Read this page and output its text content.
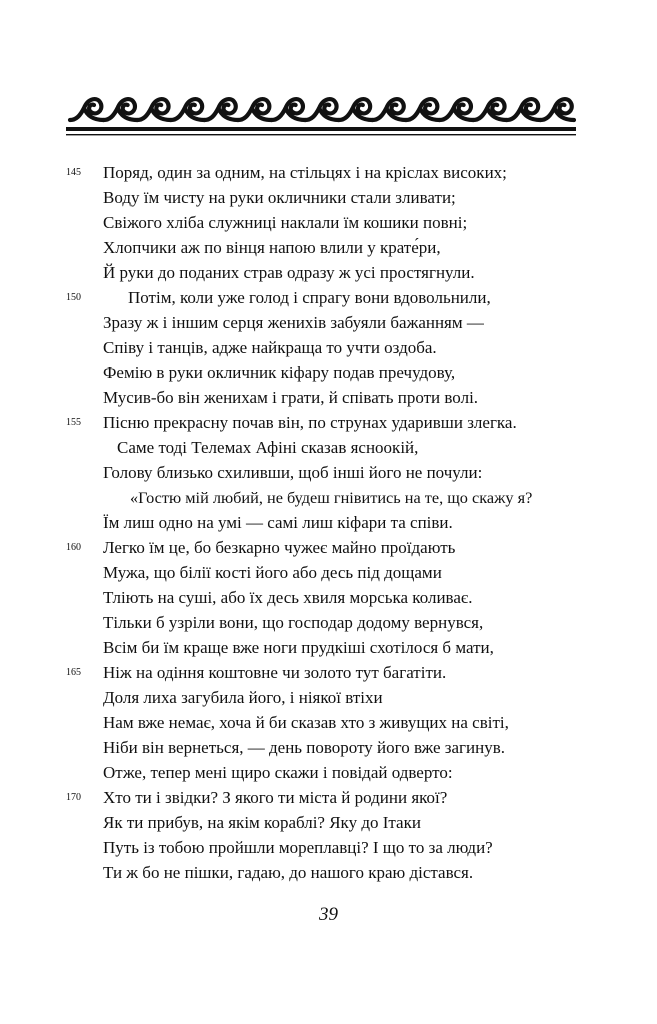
145
150
155
160
165
170
Поряд, один за одним, на стільцях і на кріслах високих;
Воду їм чисту на руки окличники стали зливати;
Свіжого хліба служниці наклали їм кошики повні;
Хлопчики аж по вінця напою влили у крате́ри,
Й руки до поданих страв одразу ж усі простягнули.
Потім, коли уже голод і спрагу вони вдовольнили,
Зразу ж і іншим серця женихів забуяли бажанням —
Співу і танців, адже найкраща то учти оздоба.
Фемію в руки окличник кіфару подав пречудову,
Мусив-бо він женихам і грати, й співать проти волі.
Пісню прекрасну почав він, по струнах ударивши злегка.
Саме тоді Телемах Афіні сказав ясноокій,
Голову близько схиливши, щоб інші його не почули:
«Гостю мій любий, не будеш гнівитись на те, що скажу я?
Їм лиш одно на умі — самі лиш кіфари та співи.
Легко їм це, бо безкарно чужеє майно проїдають
Мужа, що білії кості його або десь під дощами
Тліють на суші, або їх десь хвиля морська коливає.
Тільки б узріли вони, що господар додому вернувся,
Всім би їм краще вже ноги прудкіші схотілося б мати,
Ніж на одіння коштовне чи золото тут багатіти.
Доля лиха загубила його, і ніякої втіхи
Нам вже немає, хоча й би сказав хто з живущих на світі,
Ніби він вернеться, — день повороту його вже загинув.
Отже, тепер мені щиро скажи і повідай одверто:
Хто ти і звідки? З якого ти міста й родини якої?
Як ти прибув, на якім кораблі? Яку до Ітаки
Путь із тобою пройшли мореплавці? І що то за люди?
Ти ж бо не пішки, гадаю, до нашого краю дістався.
39
